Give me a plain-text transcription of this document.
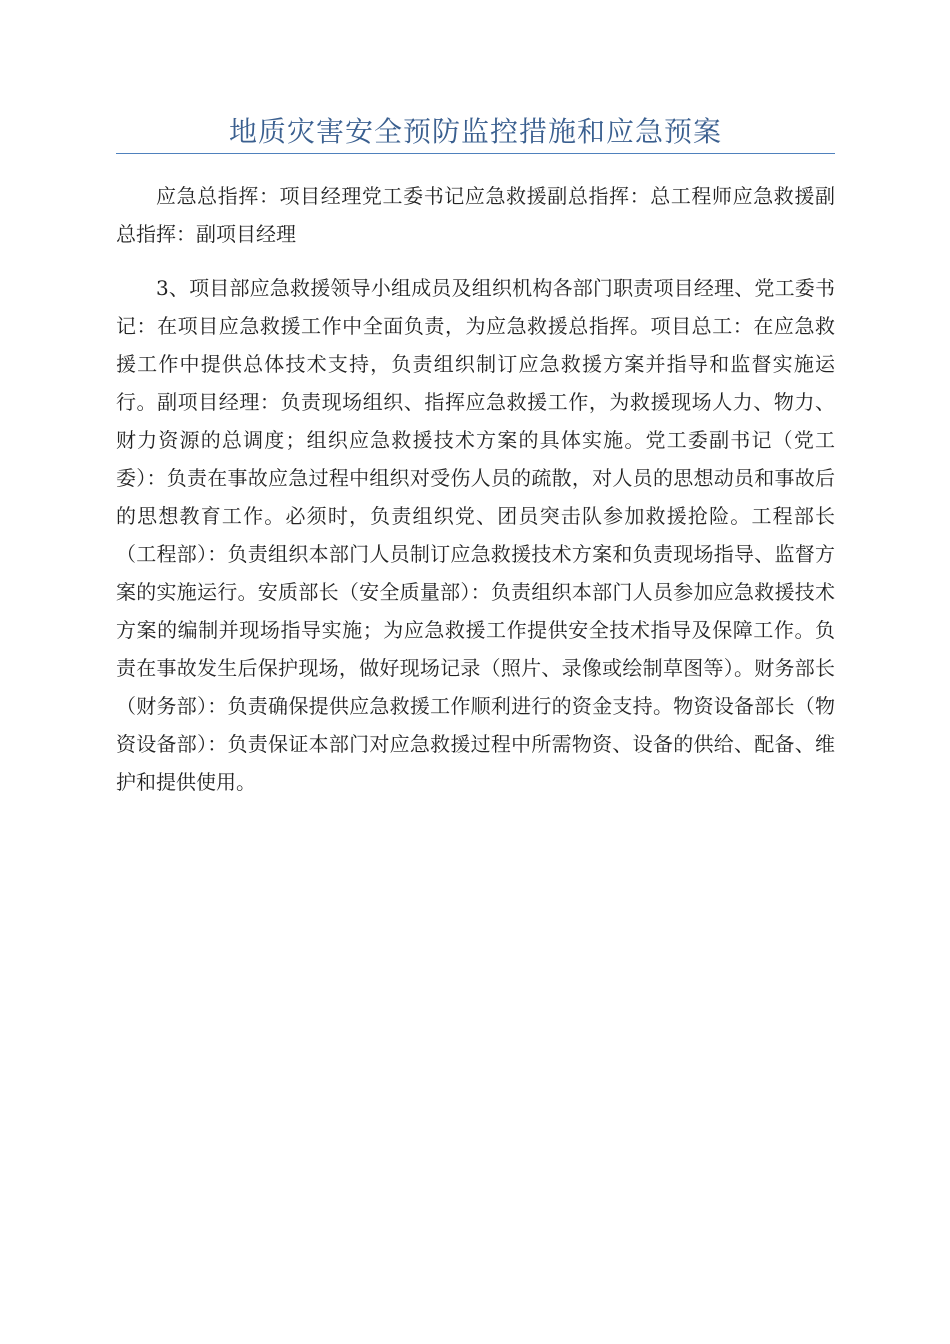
地质灾害安全预防监控措施和应急预案

应急总指挥：项目经理党工委书记应急救援副总指挥：总工程师应急救援副总指挥：副项目经理

3、项目部应急救援领导小组成员及组织机构各部门职责项目经理、党工委书记：在项目应急救援工作中全面负责，为应急救援总指挥。项目总工：在应急救援工作中提供总体技术支持，负责组织制订应急救援方案并指导和监督实施运行。副项目经理：负责现场组织、指挥应急救援工作，为救援现场人力、物力、财力资源的总调度；组织应急救援技术方案的具体实施。党工委副书记（党工委）：负责在事故应急过程中组织对受伤人员的疏散，对人员的思想动员和事故后的思想教育工作。必须时，负责组织党、团员突击队参加救援抢险。工程部长（工程部）：负责组织本部门人员制订应急救援技术方案和负责现场指导、监督方案的实施运行。安质部长（安全质量部）：负责组织本部门人员参加应急救援技术方案的编制并现场指导实施；为应急救援工作提供安全技术指导及保障工作。负责在事故发生后保护现场，做好现场记录（照片、录像或绘制草图等）。财务部长（财务部）：负责确保提供应急救援工作顺利进行的资金支持。物资设备部长（物资设备部）：负责保证本部门对应急救援过程中所需物资、设备的供给、配备、维护和提供使用。
